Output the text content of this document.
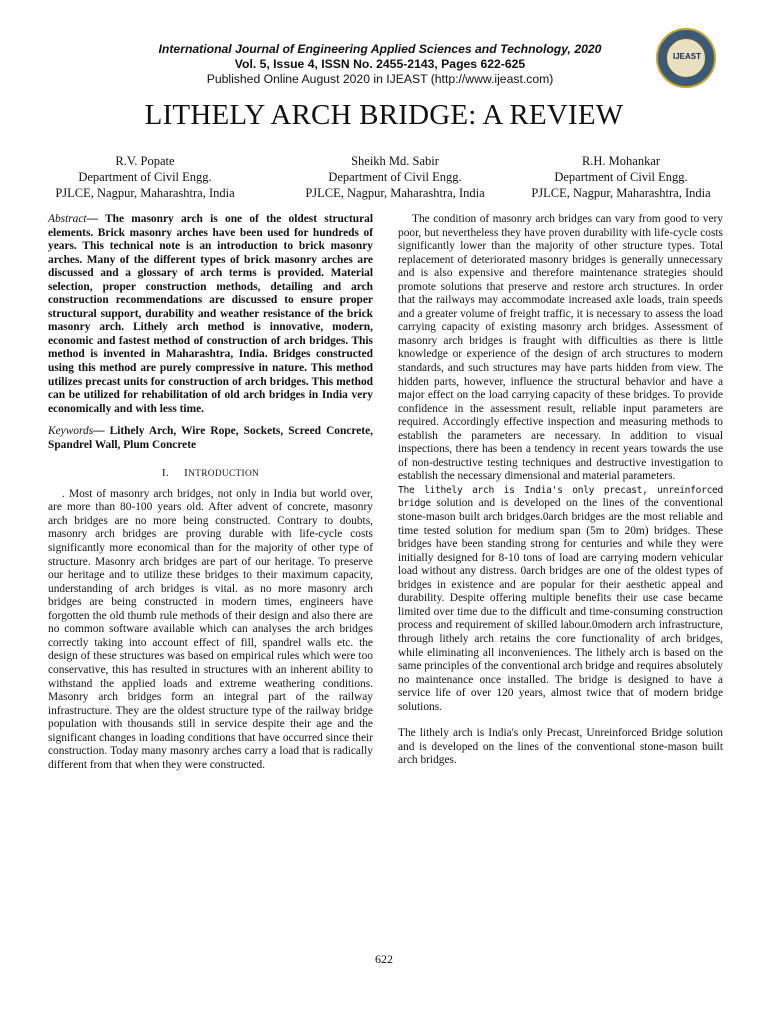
International Journal of Engineering Applied Sciences and Technology, 2020
Vol. 5, Issue 4, ISSN No. 2455-2143, Pages 622-625
Published Online August 2020 in IJEAST (http://www.ijeast.com)
IJEAST
LITHELY ARCH BRIDGE: A REVIEW
R.V. Popate
Department of Civil Engg.
PJLCE, Nagpur, Maharashtra, India
Sheikh Md. Sabir
Department of Civil Engg.
PJLCE, Nagpur, Maharashtra, India
R.H. Mohankar
Department of Civil Engg.
PJLCE, Nagpur, Maharashtra, India

Abstract— The masonry arch is one of the oldest structural elements. Brick masonry arches have been used for hundreds of years. This technical note is an introduction to brick masonry arches. Many of the different types of brick masonry arches are discussed and a glossary of arch terms is provided. Material selection, proper construction methods, detailing and arch construction recommendations are discussed to ensure proper structural support, durability and weather resistance of the brick masonry arch. Lithely arch method is innovative, modern, economic and fastest method of construction of arch bridges. This method is invented in Maharashtra, India. Bridges constructed using this method are purely compressive in nature. This method utilizes precast units for construction of arch bridges. This method can be utilized for rehabilitation of old arch bridges in India very economically and with less time.

Keywords— Lithely Arch, Wire Rope, Sockets, Screed Concrete, Spandrel Wall, Plum Concrete

I. INTRODUCTION

. Most of masonry arch bridges, not only in India but world over, are more than 80-100 years old. After advent of concrete, masonry arch bridges are no more being constructed. Contrary to doubts, masonry arch bridges are proving durable with life-cycle costs significantly more economical than for the majority of other type of structure. Masonry arch bridges are part of our heritage. To preserve our heritage and to utilize these bridges to their maximum capacity, understanding of arch bridges is vital. as no more masonry arch bridges are being constructed in modern times, engineers have forgotten the old thumb rule methods of their design and also there are no common software available which can analyses the arch bridges correctly taking into account effect of fill, spandrel walls etc. the design of these structures was based on empirical rules which were too conservative, this has resulted in structures with an inherent ability to withstand the applied loads and extreme weathering conditions. Masonry arch bridges form an integral part of the railway infrastructure. They are the oldest structure type of the railway bridge population with thousands still in service despite their age and the significant changes in loading conditions that have occurred since their construction. Today many masonry arches carry a load that is radically different from that when they were constructed.

The condition of masonry arch bridges can vary from good to very poor, but nevertheless they have proven durability with life-cycle costs significantly lower than the majority of other structure types. Total replacement of deteriorated masonry bridges is generally unnecessary and is also expensive and therefore maintenance strategies should promote solutions that preserve and restore arch structures. In order that the railways may accommodate increased axle loads, train speeds and a greater volume of freight traffic, it is necessary to assess the load carrying capacity of existing masonry arch bridges. Assessment of masonry arch bridges is fraught with difficulties as there is little knowledge or experience of the design of arch structures to modern standards, and such structures may have parts hidden from view. The hidden parts, however, influence the structural behavior and have a major effect on the load carrying capacity of these bridges. To provide confidence in the assessment result, reliable input parameters are required. Accordingly effective inspection and measuring methods to establish the parameters are necessary. In addition to visual inspections, there has been a tendency in recent years towards the use of non-destructive testing techniques and destructive investigation to establish the necessary dimensional and material parameters.

The lithely arch is India's only precast, unreinforced bridge solution and is developed on the lines of the conventional stone-mason built arch bridges.0arch bridges are the most reliable and time tested solution for medium span (5m to 20m) bridges. These bridges have been standing strong for centuries and while they were initially designed for 8-10 tons of load are carrying modern vehicular load without any distress. 0arch bridges are one of the oldest types of bridges in existence and are popular for their aesthetic appeal and durability. Despite offering multiple benefits their use case became limited over time due to the difficult and time-consuming construction process and requirement of skilled labour.0modern arch infrastructure, through lithely arch retains the core functionality of arch bridges, while eliminating all inconveniences. The lithely arch is based on the same principles of the conventional arch bridge and requires absolutely no maintenance once installed. The bridge is designed to have a service life of over 120 years, almost twice that of modern bridge solutions.

The lithely arch is India's only Precast, Unreinforced Bridge solution and is developed on the lines of the conventional stone-mason built arch bridges.

622
